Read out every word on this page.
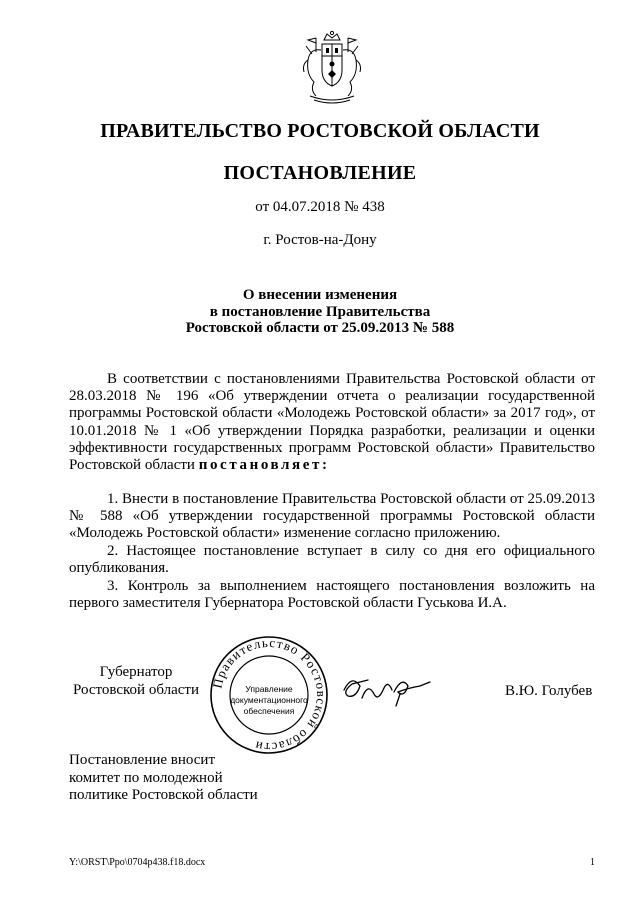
ПРАВИТЕЛЬСТВО РОСТОВСКОЙ ОБЛАСТИ
ПОСТАНОВЛЕНИЕ
от 04.07.2018 № 438
г. Ростов-на-Дону
О внесении изменения
в постановление Правительства
Ростовской области от 25.09.2013 № 588
В соответствии с постановлениями Правительства Ростовской области от 28.03.2018 № 196 «Об утверждении отчета о реализации государственной программы Ростовской области «Молодежь Ростовской области» за 2017 год», от 10.01.2018 № 1 «Об утверждении Порядка разработки, реализации и оценки эффективности государственных программ Ростовской области» Правительство Ростовской области постановляет:
1. Внести в постановление Правительства Ростовской области от 25.09.2013 № 588 «Об утверждении государственной программы Ростовской области «Молодежь Ростовской области» изменение согласно приложению.
2. Настоящее постановление вступает в силу со дня его официального опубликования.
3. Контроль за выполнением настоящего постановления возложить на первого заместителя Губернатора Ростовской области Гуськова И.А.
Губернатор
Ростовской области Правительство Ростовской области
Управление
документационного
обеспечения
В.Ю. Голубев
Постановление вносит
комитет по молодежной
политике Ростовской области
Y:\ORST\Ppo\0704p438.f18.docx	1
